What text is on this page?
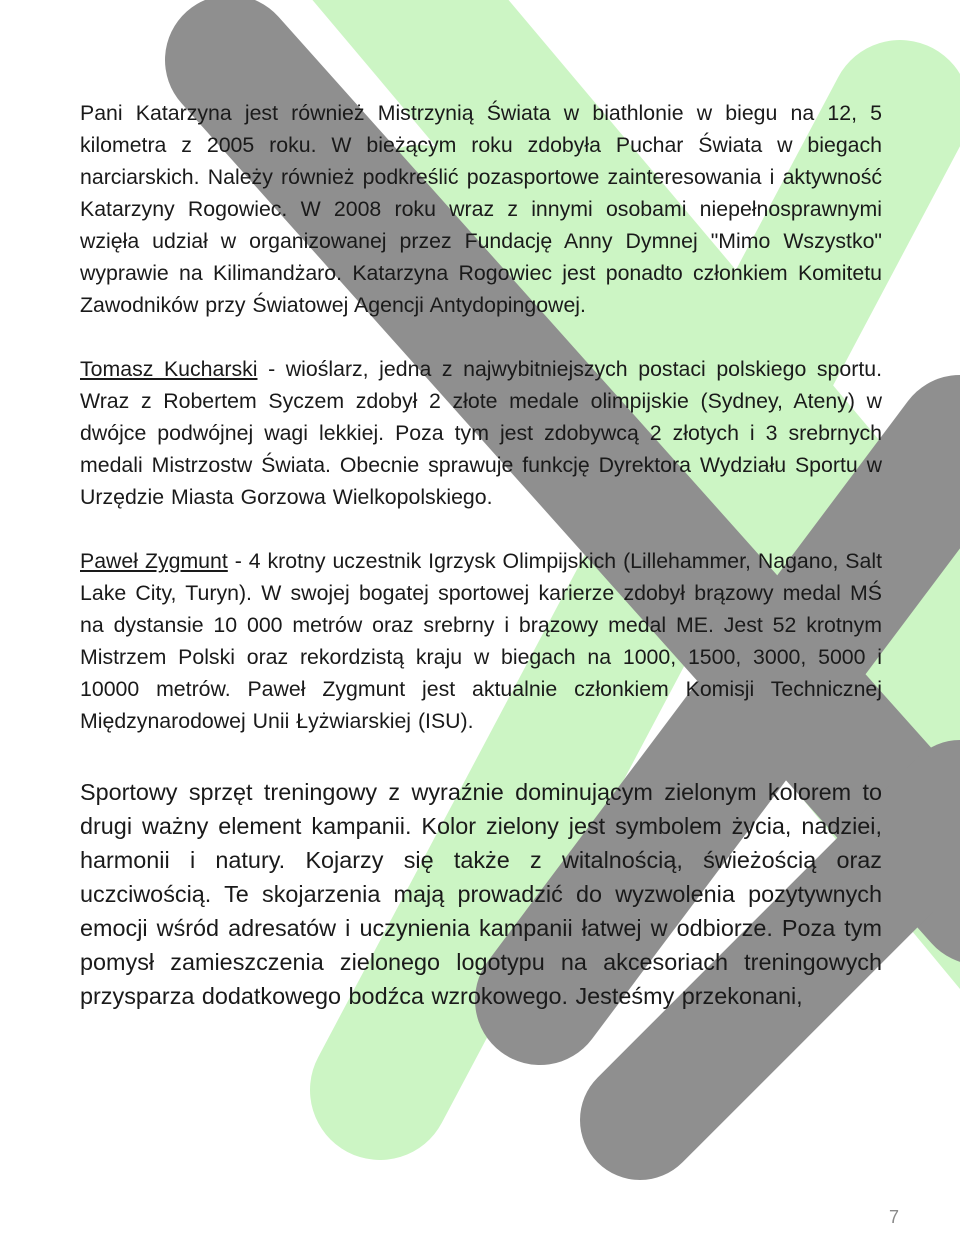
Pani Katarzyna jest również Mistrzynią Świata w biathlonie w biegu na 12, 5 kilometra z 2005 roku. W bieżącym roku zdobyła Puchar Świata w biegach narciarskich. Należy również podkreślić pozasportowe zainteresowania i aktywność Katarzyny Rogowiec. W 2008 roku wraz z innymi osobami niepełnosprawnymi wzięła udział w organizowanej przez Fundację Anny Dymnej "Mimo Wszystko" wyprawie na Kilimandżaro. Katarzyna Rogowiec jest ponadto członkiem Komitetu Zawodników przy Światowej Agencji Antydopingowej.

Tomasz Kucharski - wioślarz, jedna z najwybitniejszych postaci polskiego sportu. Wraz z Robertem Syczem zdobył 2 złote medale olimpijskie (Sydney, Ateny) w dwójce podwójnej wagi lekkiej. Poza tym jest zdobywcą 2 złotych i 3 srebrnych medali Mistrzostw Świata. Obecnie sprawuje funkcję Dyrektora Wydziału Sportu w Urzędzie Miasta Gorzowa Wielkopolskiego.

Paweł Zygmunt - 4 krotny uczestnik Igrzysk Olimpijskich (Lillehammer, Nagano, Salt Lake City, Turyn). W swojej bogatej sportowej karierze zdobył brązowy medal MŚ na dystansie 10 000 metrów oraz srebrny i brązowy medal ME. Jest 52 krotnym Mistrzem Polski oraz rekordzistą kraju w biegach na 1000, 1500, 3000, 5000 i 10000 metrów. Paweł Zygmunt jest aktualnie członkiem Komisji Technicznej Międzynarodowej Unii Łyżwiarskiej (ISU).

Sportowy sprzęt treningowy z wyraźnie dominującym zielonym kolorem to drugi ważny element kampanii. Kolor zielony jest symbolem życia, nadziei, harmonii i natury. Kojarzy się także z witalnością, świeżością oraz uczciwością. Te skojarzenia mają prowadzić do wyzwolenia pozytywnych emocji wśród adresatów i uczynienia kampanii łatwej w odbiorze. Poza tym pomysł zamieszczenia zielonego logotypu na akcesoriach treningowych przysparza dodatkowego bodźca wzrokowego. Jesteśmy przekonani,

7
